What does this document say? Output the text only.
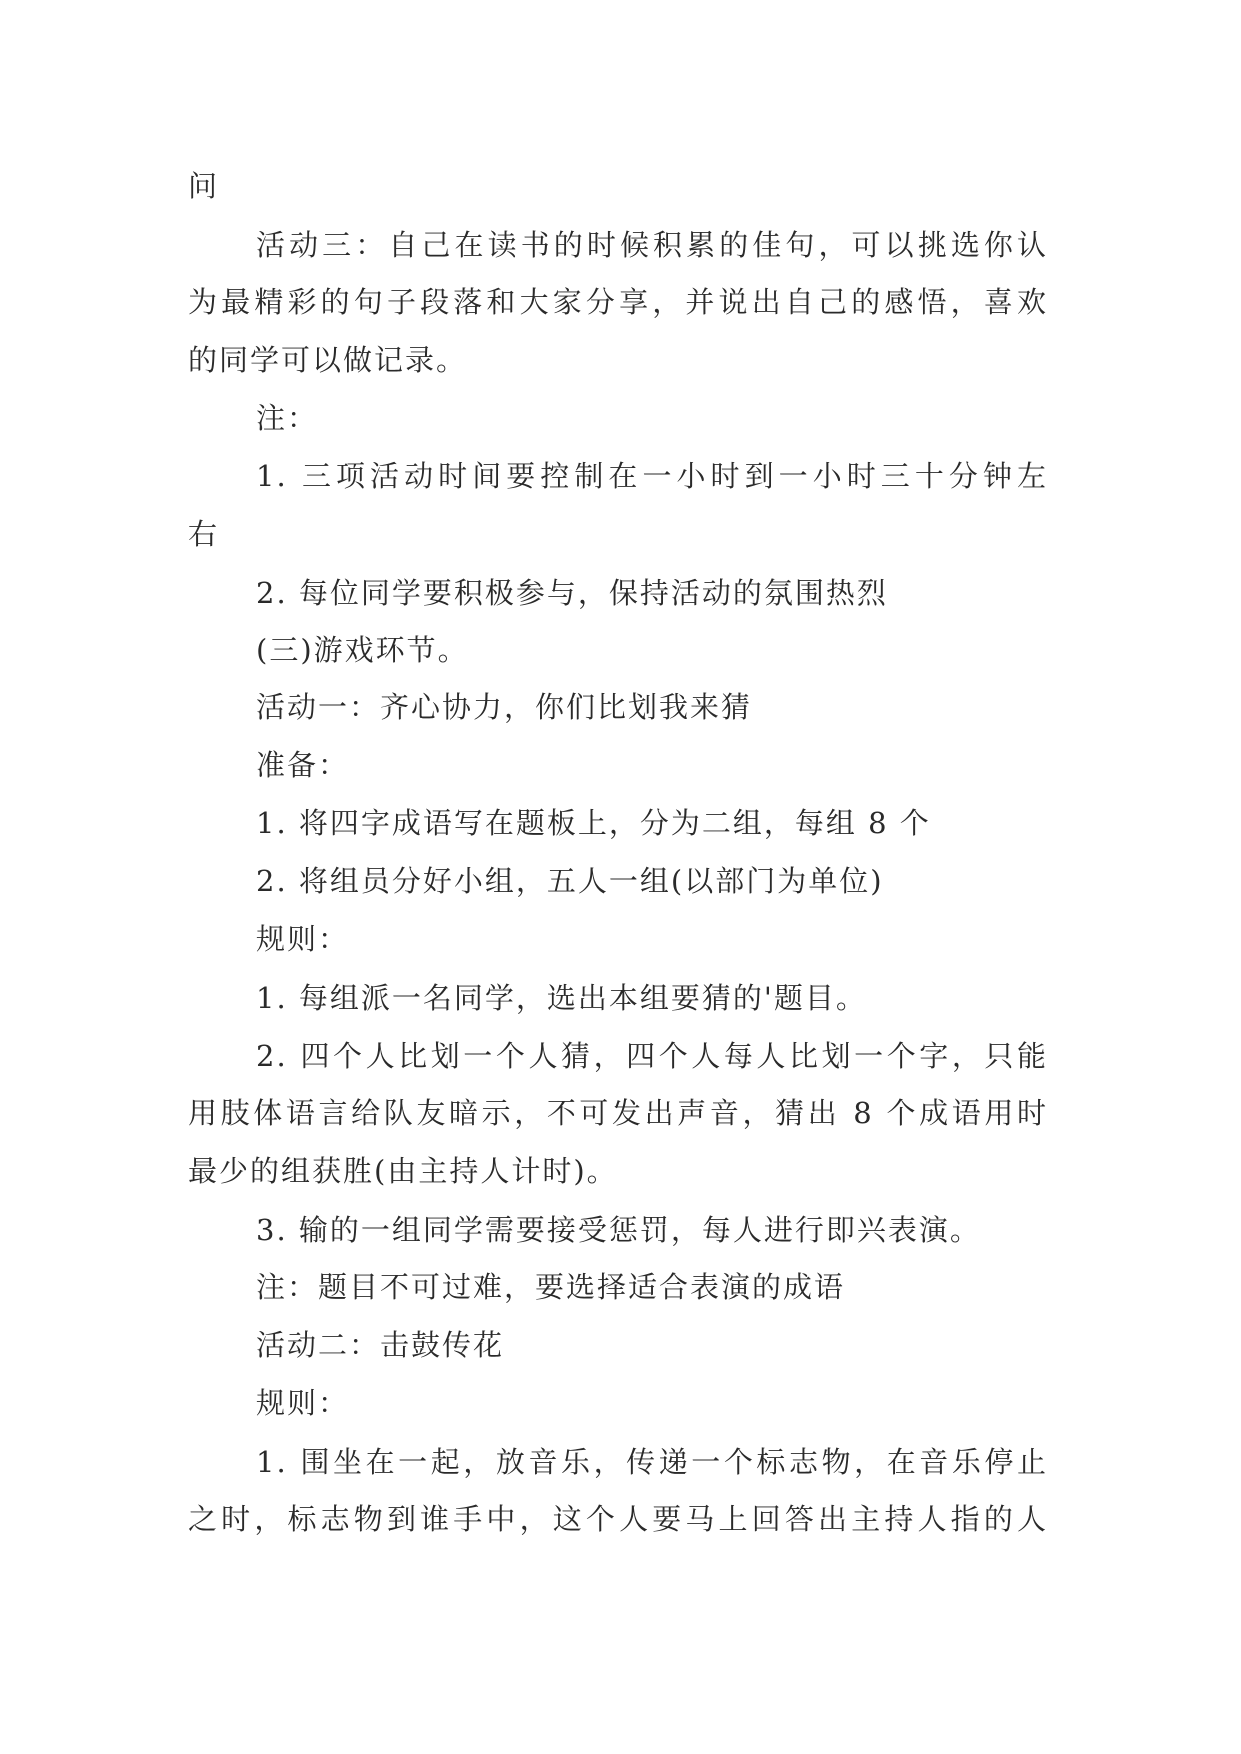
问
活动三：自己在读书的时候积累的佳句，可以挑选你认
为最精彩的句子段落和大家分享，并说出自己的感悟，喜欢
的同学可以做记录。
注：
1. 三项活动时间要控制在一小时到一小时三十分钟左
右
2. 每位同学要积极参与，保持活动的氛围热烈
(三)游戏环节。
活动一：齐心协力，你们比划我来猜
准备：
1. 将四字成语写在题板上，分为二组，每组 8 个
2. 将组员分好小组，五人一组(以部门为单位)
规则：
1. 每组派一名同学，选出本组要猜的'题目。
2. 四个人比划一个人猜，四个人每人比划一个字，只能
用肢体语言给队友暗示，不可发出声音，猜出 8 个成语用时
最少的组获胜(由主持人计时)。
3. 输的一组同学需要接受惩罚，每人进行即兴表演。
注：题目不可过难，要选择适合表演的成语
活动二：击鼓传花
规则：
1. 围坐在一起，放音乐，传递一个标志物，在音乐停止
之时，标志物到谁手中，这个人要马上回答出主持人指的人
